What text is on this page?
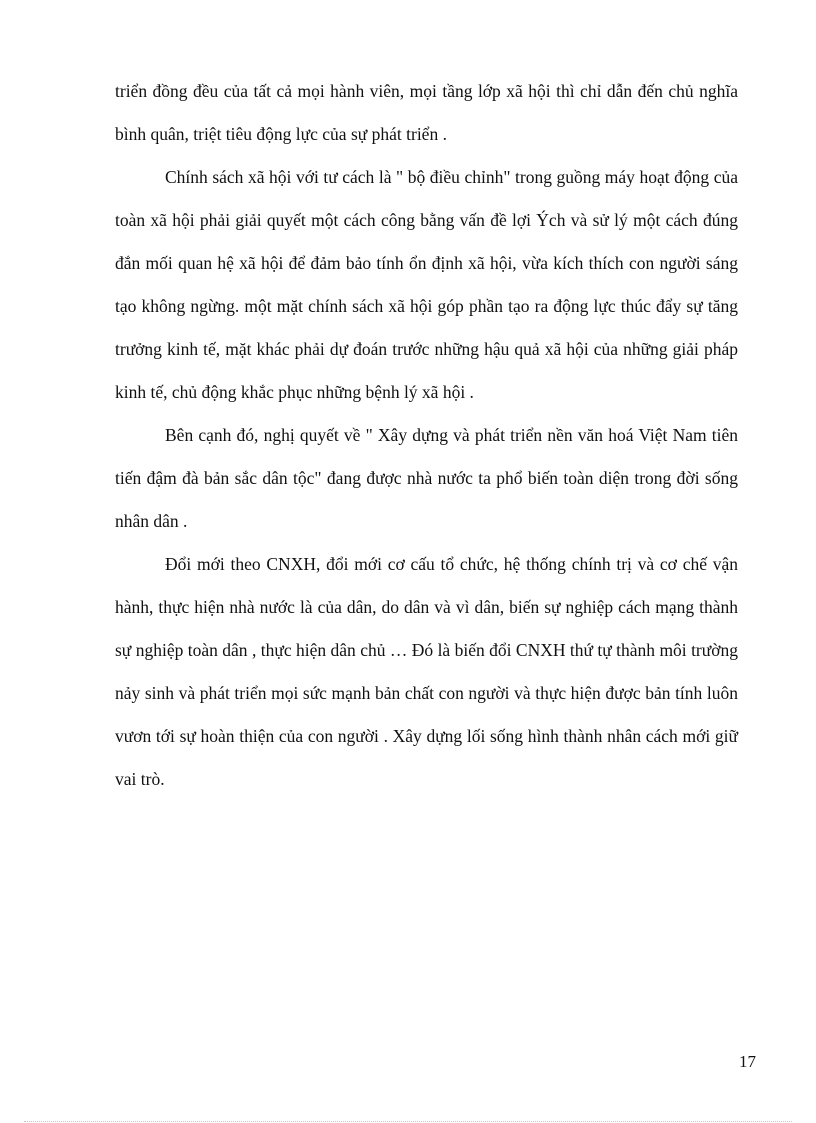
triển đồng đều của tất cả mọi hành viên, mọi tầng lớp xã hội thì chỉ dẫn đến chủ nghĩa bình quân, triệt tiêu động lực của sự phát triển .

Chính sách xã hội với tư cách là " bộ điều chỉnh" trong guồng máy hoạt động của toàn xã hội phải giải quyết một cách công bằng vấn đề lợi Ých và sử lý một cách đúng đắn mối quan hệ xã hội để đảm bảo tính ổn định xã hội, vừa kích thích con người sáng tạo không ngừng. một mặt chính sách xã hội góp phần tạo ra động lực thúc đẩy sự tăng trưởng kinh tế, mặt khác phải dự đoán trước những hậu quả xã hội của những giải pháp kinh tế, chủ động khắc phục những bệnh lý xã hội .

Bên cạnh đó, nghị quyết về " Xây dựng và phát triển nền văn hoá Việt Nam tiên tiến đậm đà bản sắc dân tộc" đang được nhà nước ta phổ biến toàn diện trong đời sống nhân dân .

Đổi mới theo CNXH, đổi mới cơ cấu tổ chức, hệ thống chính trị và cơ chế vận hành, thực hiện nhà nước là của dân, do dân và vì dân, biến sự nghiệp cách mạng thành sự nghiệp toàn dân , thực hiện dân chủ … Đó là biến đổi CNXH thứ tự thành môi trường nảy sinh và phát triển mọi sức mạnh bản chất con người và thực hiện được bản tính luôn vươn tới sự hoàn thiện của con người . Xây dựng lối sống hình thành nhân cách mới giữ vai trò.

17
